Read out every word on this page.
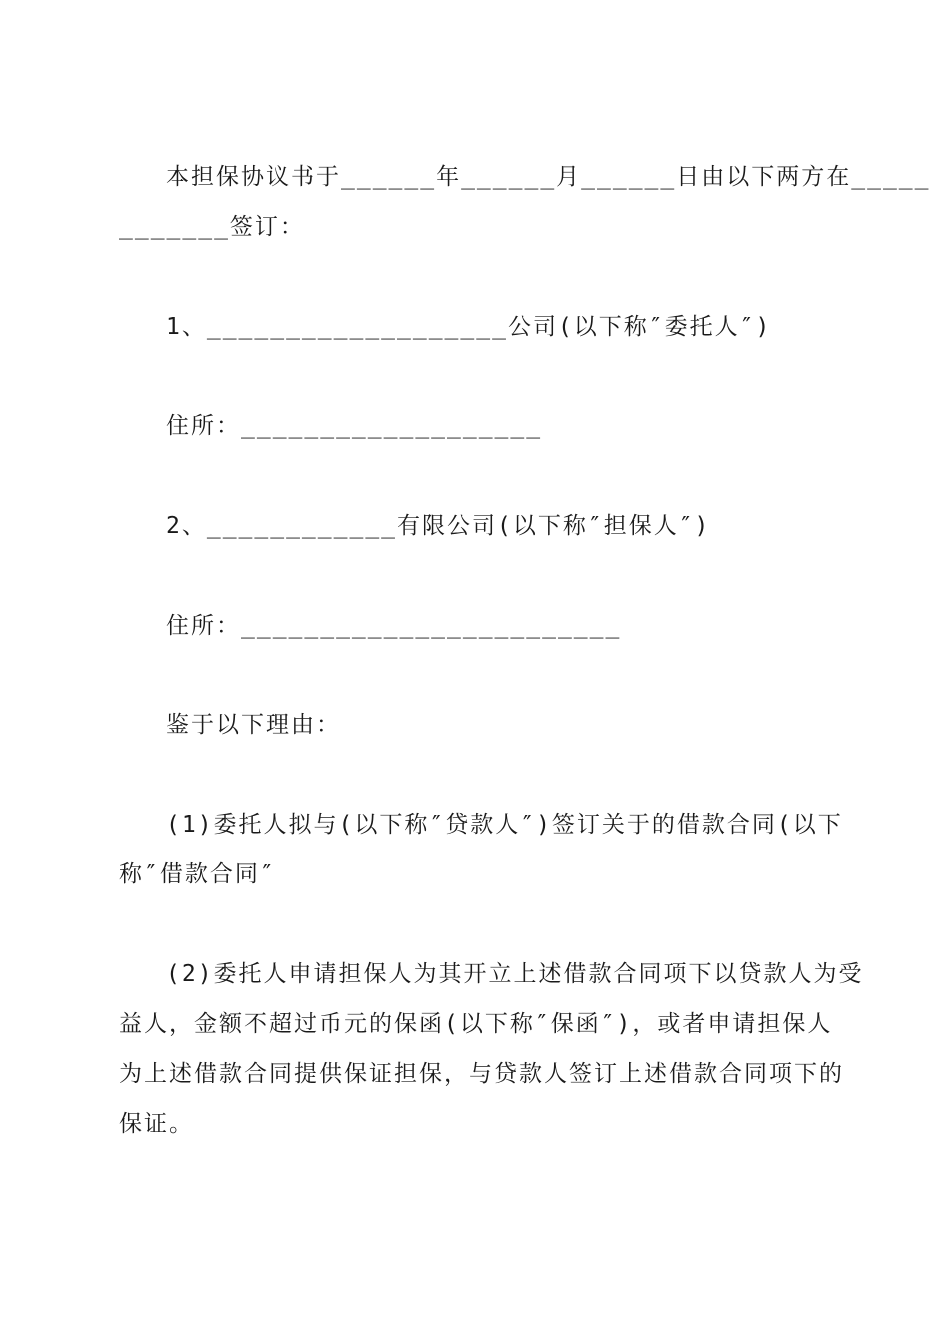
本担保协议书于______年______月______日由以下两方在_____
_______签订：
1、___________________公司(以下称″委托人″)
住所：___________________
2、____________有限公司(以下称″担保人″)
住所：________________________
鉴于以下理由：
(1)委托人拟与(以下称″贷款人″)签订关于的借款合同(以下
称″借款合同″
(2)委托人申请担保人为其开立上述借款合同项下以贷款人为受
益人，金额不超过币元的保函(以下称″保函″)，或者申请担保人
为上述借款合同提供保证担保，与贷款人签订上述借款合同项下的
保证。
